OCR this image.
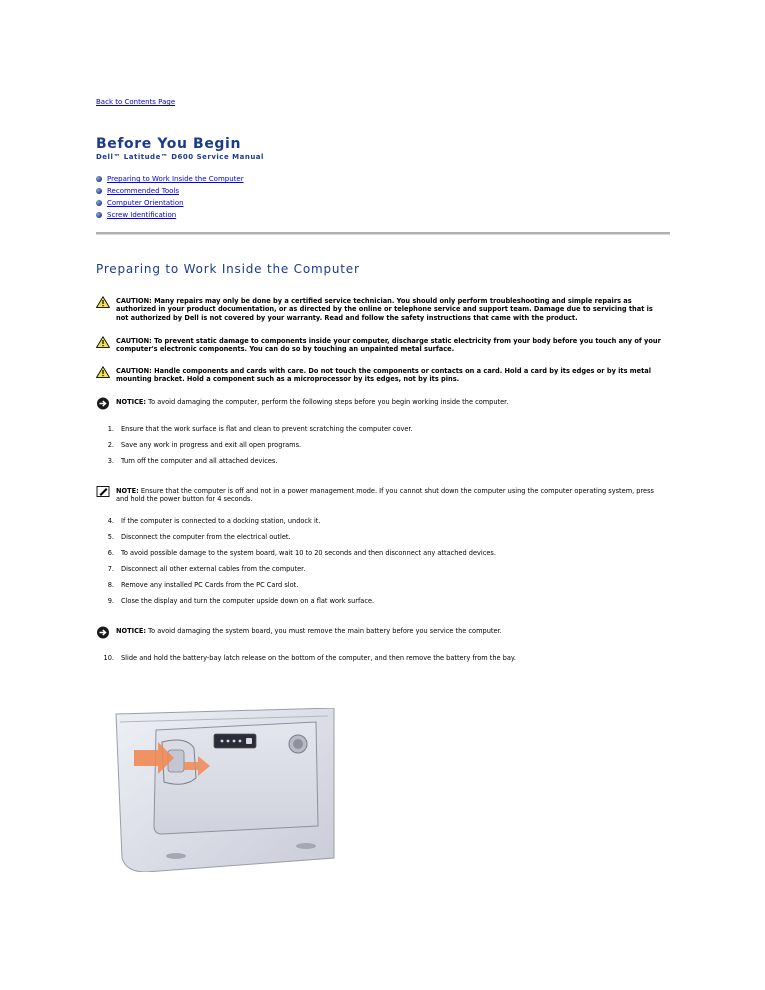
Back to Contents Page
Before You Begin
Dell™ Latitude™ D600 Service Manual
Preparing to Work Inside the Computer
Recommended Tools
Computer Orientation
Screw Identification
Preparing to Work Inside the Computer
CAUTION: Many repairs may only be done by a certified service technician. You should only perform troubleshooting and simple repairs as authorized in your product documentation, or as directed by the online or telephone service and support team. Damage due to servicing that is not authorized by Dell is not covered by your warranty. Read and follow the safety instructions that came with the product.
CAUTION: To prevent static damage to components inside your computer, discharge static electricity from your body before you touch any of your computer's electronic components. You can do so by touching an unpainted metal surface.
CAUTION: Handle components and cards with care. Do not touch the components or contacts on a card. Hold a card by its edges or by its metal mounting bracket. Hold a component such as a microprocessor by its edges, not by its pins.
NOTICE: To avoid damaging the computer, perform the following steps before you begin working inside the computer.
1. Ensure that the work surface is flat and clean to prevent scratching the computer cover.
2. Save any work in progress and exit all open programs.
3. Turn off the computer and all attached devices.
NOTE: Ensure that the computer is off and not in a power management mode. If you cannot shut down the computer using the computer operating system, press and hold the power button for 4 seconds.
4. If the computer is connected to a docking station, undock it.
5. Disconnect the computer from the electrical outlet.
6. To avoid possible damage to the system board, wait 10 to 20 seconds and then disconnect any attached devices.
7. Disconnect all other external cables from the computer.
8. Remove any installed PC Cards from the PC Card slot.
9. Close the display and turn the computer upside down on a flat work surface.
NOTICE: To avoid damaging the system board, you must remove the main battery before you service the computer.
10. Slide and hold the battery-bay latch release on the bottom of the computer, and then remove the battery from the bay.
